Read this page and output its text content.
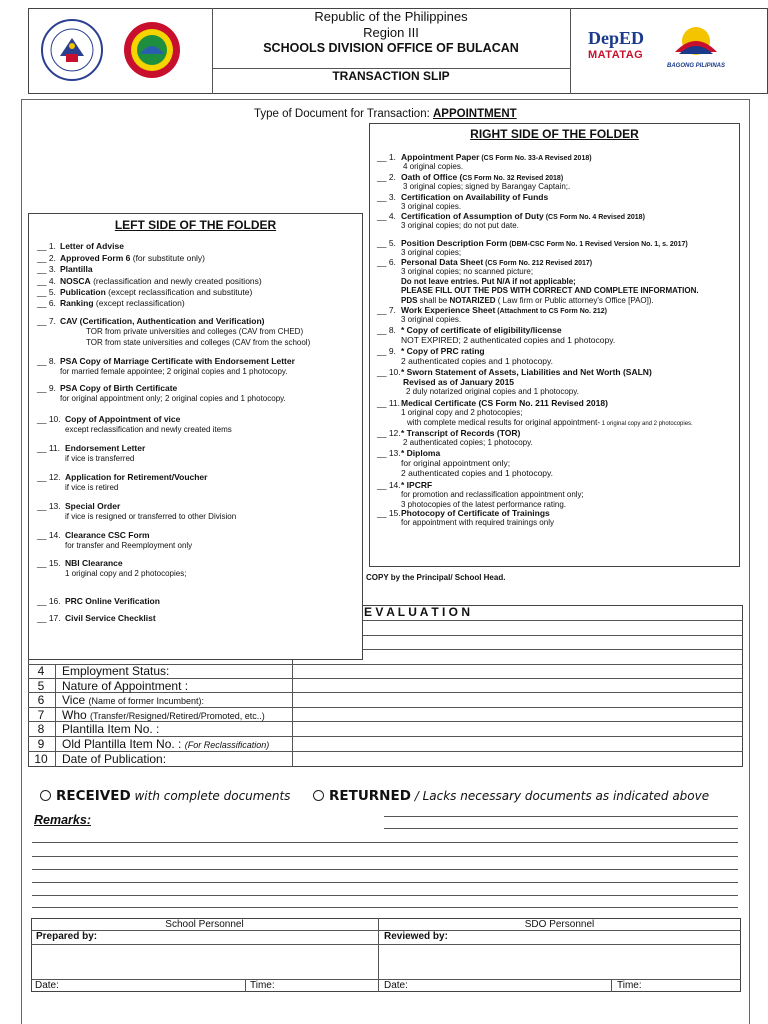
Republic of the Philippines
Region III
SCHOOLS DIVISION OFFICE OF BULACAN
TRANSACTION SLIP
DepED
MATATAG
BAGONG PILIPINAS
Type of Document for Transaction: APPOINTMENT
RIGHT SIDE OF THE FOLDER
__ 1. Appointment Paper (CS Form No. 33-A Revised 2018)
4 original copies.
__ 2. Oath of Office (CS Form No. 32 Revised 2018)
3 original copies; signed by Barangay Captain;.
__ 3. Certification on Availability of Funds
3 original copies.
__ 4. Certification of Assumption of Duty (CS Form No. 4 Revised 2018)
3 original copies; do not put date.
__ 5. Position Description Form (DBM-CSC Form No. 1 Revised Version No. 1, s. 2017)
3 original copies;
__ 6. Personal Data Sheet (CS Form No. 212 Revised 2017)
3 original copies; no scanned picture;
Do not leave entries. Put N/A if not applicable;
PLEASE FILL OUT THE PDS WITH CORRECT AND COMPLETE INFORMATION.
PDS shall be NOTARIZED ( Law firm or Public attorney's Office [PAO]).
__ 7. Work Experience Sheet (Attachment to CS Form No. 212)
3 original copies.
__ 8. * Copy of certificate of eligibility/license
NOT EXPIRED; 2 authenticated copies and 1 photocopy.
__ 9. * Copy of PRC rating
2 authenticated copies and 1 photocopy.
__ 10. * Sworn Statement of Assets, Liabilities and Net Worth (SALN)
Revised as of January 2015
2 duly notarized original copies and 1 photocopy.
__ 11. Medical Certificate (CS Form No. 211 Revised 2018)
1 original copy and 2 photocopies;
with complete medical results for original appointment- 1 original copy and 2 photocopies.
__ 12. * Transcript of Records (TOR)
2 authenticated copies; 1 photocopy.
__ 13. * Diploma
for original appointment only;
2 authenticated copies and 1 photocopy.
__ 14. * IPCRF
for promotion and reclassification appointment only;
3 photocopies of the latest performance rating.
__ 15. Photocopy of Certificate of Trainings
for appointment with required trainings only
COPY by the Principal/ School Head.
E V A L U A T I O N
4	Employment Status:
5	Nature of Appointment :
6	Vice (Name of former Incumbent):
7	Who (Transfer/Resigned/Retired/Promoted, etc..)
8	Plantilla Item No. :
9	Old Plantilla Item No. : (For Reclassification)
10	Date of Publication:
LEFT SIDE OF THE FOLDER
__ 1. Letter of Advise
__ 2. Approved Form 6 (for substitute only)
__ 3. Plantilla
__ 4. NOSCA (reclassification and newly created positions)
__ 5. Publication (except reclassification and substitute)
__ 6. Ranking (except reclassification)
__ 7. CAV (Certification, Authentication and Verification)
TOR from private universities and colleges (CAV from CHED)
TOR from state universities and colleges (CAV from the school)
__ 8. PSA Copy of Marriage Certificate with Endorsement Letter
for married female appointee; 2 original copies and 1 photocopy.
__ 9. PSA Copy of Birth Certificate
for original appointment only; 2 original copies and 1 photocopy.
__ 10. Copy of Appointment of vice
except reclassification and newly created items
__ 11. Endorsement Letter
if vice is transferred
__ 12. Application for Retirement/Voucher
if vice is retired
__ 13. Special Order
if vice is resigned or transferred to other Division
__ 14. Clearance CSC Form
for transfer and Reemployment only
__ 15. NBI Clearance
1 original copy and 2 photocopies;
__ 16. PRC Online Verification
__ 17. Civil Service Checklist
RECEIVED with complete documents	RETURNED / Lacks necessary documents as indicated above
Remarks:
School Personnel	SDO Personnel
Prepared by:	Reviewed by:
Date:	Time:	Date:	Time:
